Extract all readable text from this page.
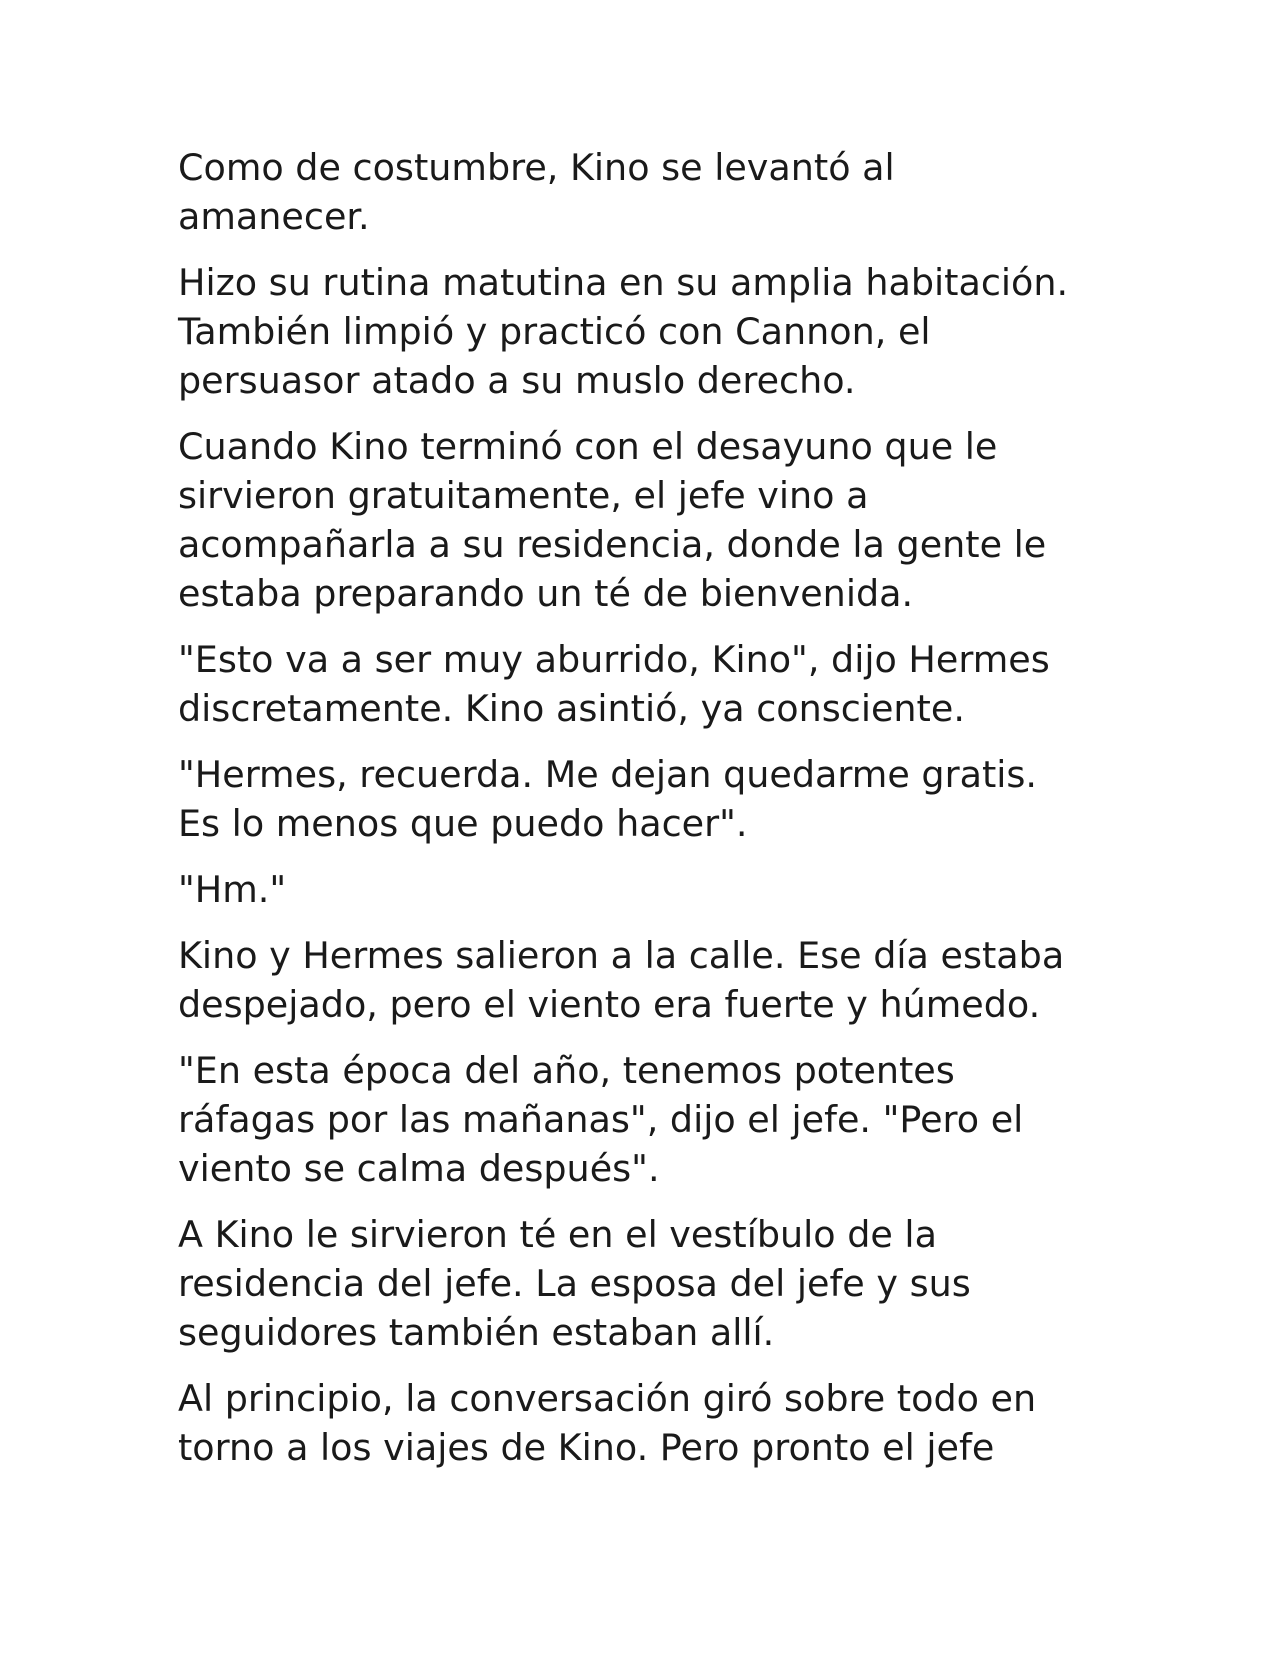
Como de costumbre, Kino se levantó al
amanecer.

Hizo su rutina matutina en su amplia habitación.
También limpió y practicó con Cannon, el
persuasor atado a su muslo derecho.

Cuando Kino terminó con el desayuno que le
sirvieron gratuitamente, el jefe vino a
acompañarla a su residencia, donde la gente le
estaba preparando un té de bienvenida.

"Esto va a ser muy aburrido, Kino", dijo Hermes
discretamente. Kino asintió, ya consciente.

"Hermes, recuerda. Me dejan quedarme gratis.
Es lo menos que puedo hacer".

"Hm."

Kino y Hermes salieron a la calle. Ese día estaba
despejado, pero el viento era fuerte y húmedo.

"En esta época del año, tenemos potentes
ráfagas por las mañanas", dijo el jefe. "Pero el
viento se calma después".

A Kino le sirvieron té en el vestíbulo de la
residencia del jefe. La esposa del jefe y sus
seguidores también estaban allí.

Al principio, la conversación giró sobre todo en
torno a los viajes de Kino. Pero pronto el jefe
